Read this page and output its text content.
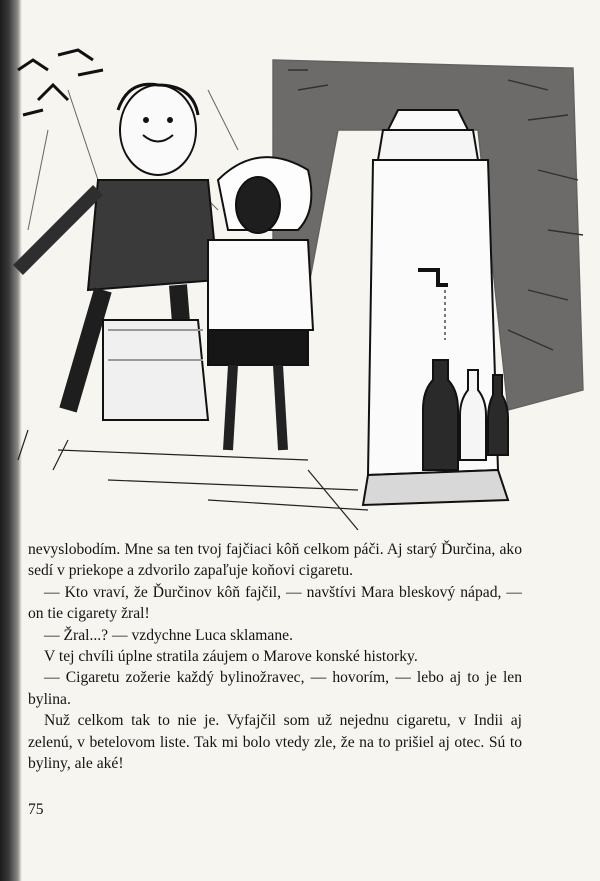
nevyslobodím. Mne sa ten tvoj fajčiaci kôň celkom páči. Aj starý Ďurčina, ako sedí v priekope a zdvorilo zapaľuje koňovi cigaretu.

— Kto vraví, že Ďurčinov kôň fajčil, — navštívi Mara bleskový nápad, — on tie cigarety žral!

— Žral...? — vzdychne Luca sklamane.

V tej chvíli úplne stratila záujem o Marove konské historky.

— Cigaretu zožerie každý bylinožravec, — hovorím, — lebo aj to je len bylina.

Nuž celkom tak to nie je. Vyfajčil som už nejednu cigaretu, v Indii aj zelenú, v betelovom liste. Tak mi bolo vtedy zle, že na to prišiel aj otec. Sú to byliny, ale aké!

75
